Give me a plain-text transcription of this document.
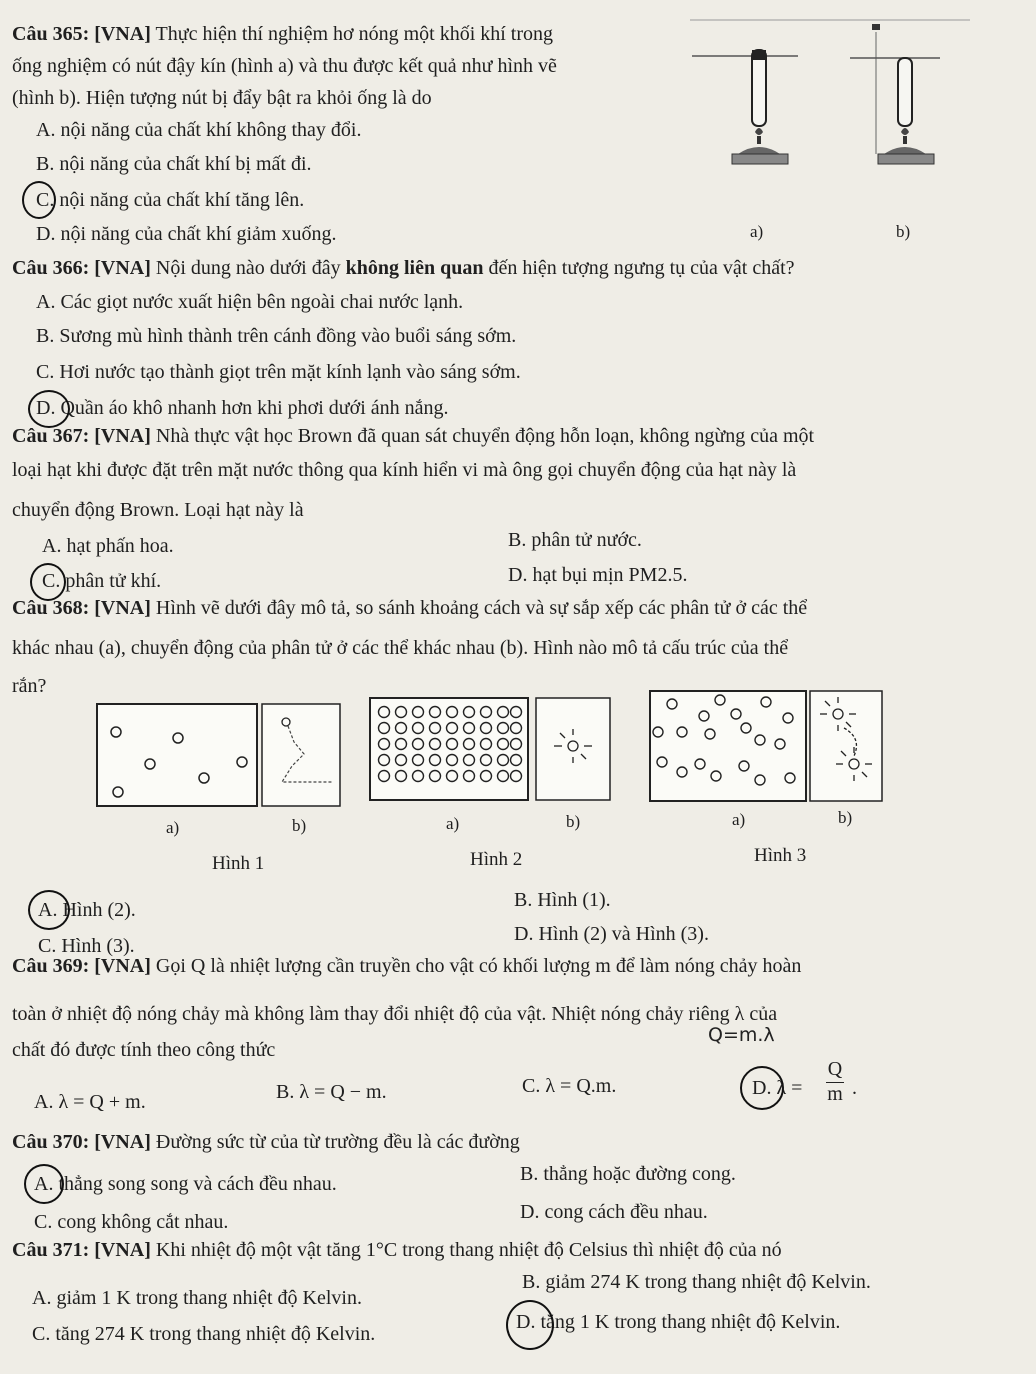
Câu 365: [VNA] Thực hiện thí nghiệm hơ nóng một khối khí trong
ống nghiệm có nút đậy kín (hình a) và thu được kết quả như hình vẽ
(hình b). Hiện tượng nút bị đẩy bật ra khỏi ống là do
A. nội năng của chất khí không thay đổi.
B. nội năng của chất khí bị mất đi.
C. nội năng của chất khí tăng lên.
D. nội năng của chất khí giảm xuống.	a)	b)
Câu 366: [VNA] Nội dung nào dưới đây không liên quan đến hiện tượng ngưng tụ của vật chất?
A. Các giọt nước xuất hiện bên ngoài chai nước lạnh.
B. Sương mù hình thành trên cánh đồng vào buổi sáng sớm.
C. Hơi nước tạo thành giọt trên mặt kính lạnh vào sáng sớm.
D. Quần áo khô nhanh hơn khi phơi dưới ánh nắng.
Câu 367: [VNA] Nhà thực vật học Brown đã quan sát chuyển động hỗn loạn, không ngừng của một
loại hạt khi được đặt trên mặt nước thông qua kính hiển vi mà ông gọi chuyển động của hạt này là
chuyển động Brown. Loại hạt này là
A. hạt phấn hoa.	B. phân tử nước.
C. phân tử khí.	D. hạt bụi mịn PM2.5.
Câu 368: [VNA] Hình vẽ dưới đây mô tả, so sánh khoảng cách và sự sắp xếp các phân tử ở các thể
khác nhau (a), chuyển động của phân tử ở các thể khác nhau (b). Hình nào mô tả cấu trúc của thể
rắn?
a)	b)	a)	b)	a)	b)
Hình 1	Hình 2	Hình 3
A. Hình (2).	B. Hình (1).
C. Hình (3).
D. Hình (2) và Hình (3).
Câu 369: [VNA] Gọi Q là nhiệt lượng cần truyền cho vật có khối lượng m để làm nóng chảy hoàn
toàn ở nhiệt độ nóng chảy mà không làm thay đổi nhiệt độ của vật. Nhiệt nóng chảy riêng λ của
chất đó được tính theo công thức
Q=m.λ
A. λ = Q + m.	B. λ = Q − m.	C. λ = Q.m.	D. λ =
Q
m .
Câu 370: [VNA] Đường sức từ của từ trường đều là các đường
A. thẳng song song và cách đều nhau.	B. thẳng hoặc đường cong.
C. cong không cắt nhau.	D. cong cách đều nhau.
Câu 371: [VNA] Khi nhiệt độ một vật tăng 1°C trong thang nhiệt độ Celsius thì nhiệt độ của nó
A. giảm 1 K trong thang nhiệt độ Kelvin.
B. giảm 274 K trong thang nhiệt độ Kelvin.
C. tăng 274 K trong thang nhiệt độ Kelvin.
D. tăng 1 K trong thang nhiệt độ Kelvin.
